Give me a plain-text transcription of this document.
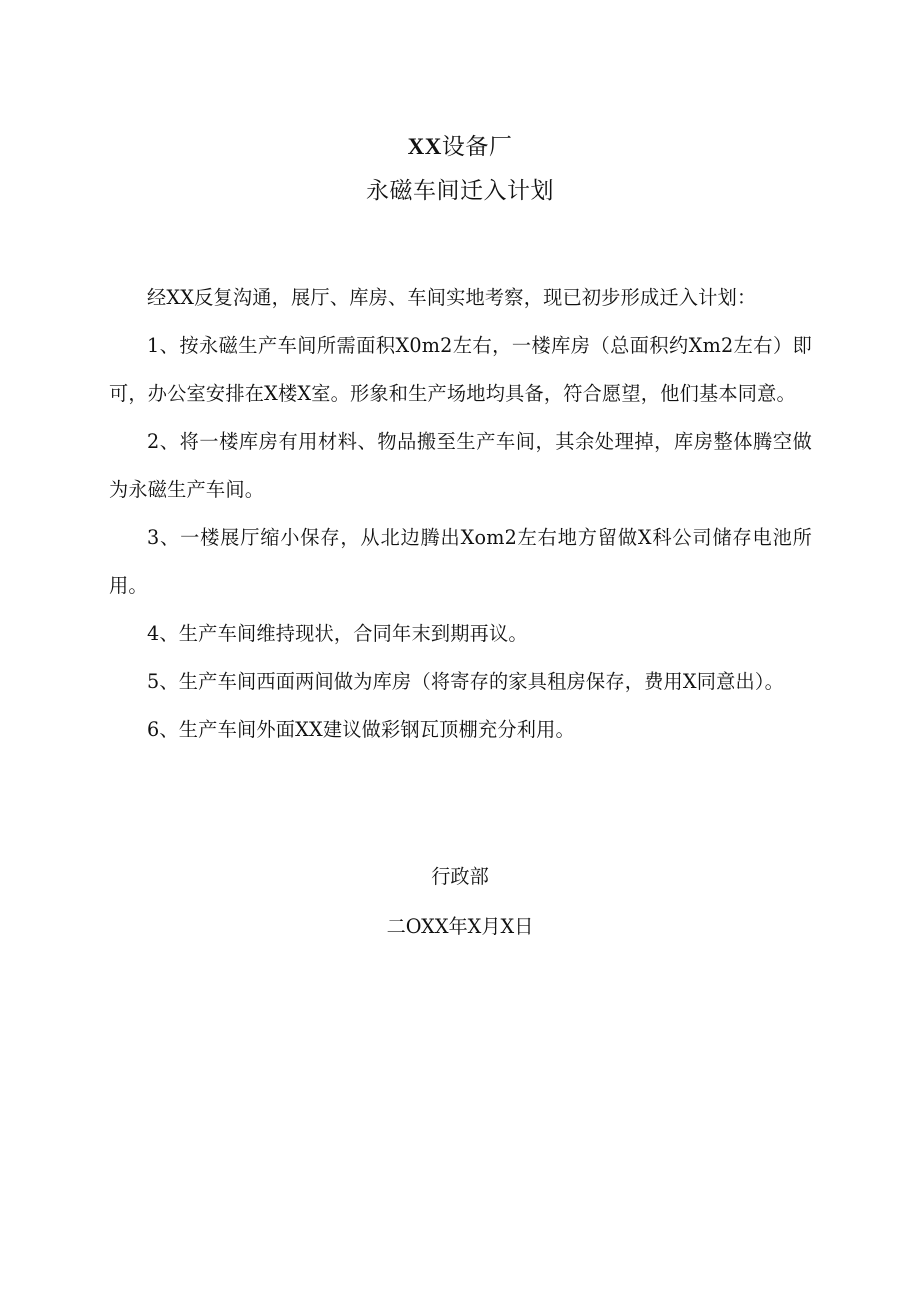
XX设备厂
永磁车间迁入计划

经XX反复沟通，展厅、库房、车间实地考察，现已初步形成迁入计划：

1、按永磁生产车间所需面积X0m2左右，一楼库房（总面积约Xm2左右）即可，办公室安排在X楼X室。形象和生产场地均具备，符合愿望，他们基本同意。

2、将一楼库房有用材料、物品搬至生产车间，其余处理掉，库房整体腾空做为永磁生产车间。

3、一楼展厅缩小保存，从北边腾出Xom2左右地方留做X科公司储存电池所用。

4、生产车间维持现状，合同年末到期再议。

5、生产车间西面两间做为库房（将寄存的家具租房保存，费用X同意出）。

6、生产车间外面XX建议做彩钢瓦顶棚充分利用。

行政部
二OXX年X月X日
